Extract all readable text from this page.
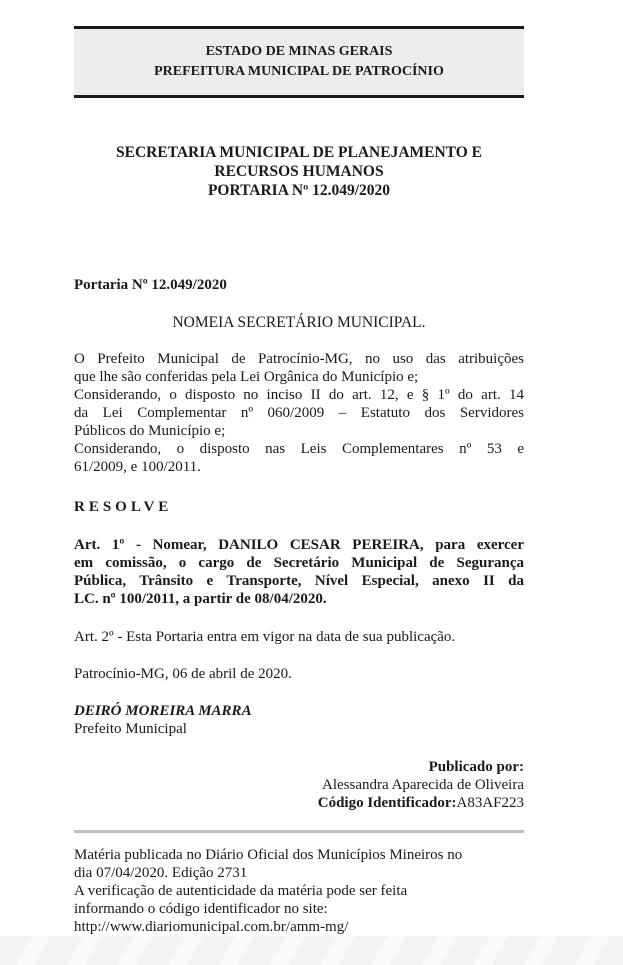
ESTADO DE MINAS GERAIS
PREFEITURA MUNICIPAL DE PATROCÍNIO
SECRETARIA MUNICIPAL DE PLANEJAMENTO E
RECURSOS HUMANOS
PORTARIA Nº 12.049/2020
Portaria Nº 12.049/2020
NOMEIA SECRETÁRIO MUNICIPAL.
O Prefeito Municipal de Patrocínio-MG, no uso das atribuições
que lhe são conferidas pela Lei Orgânica do Município e;
Considerando, o disposto no inciso II do art. 12, e § 1º do art. 14
da Lei Complementar nº 060/2009 – Estatuto dos Servidores
Públicos do Município e;
Considerando, o disposto nas Leis Complementares nº 53 e
61/2009, e 100/2011.
RESOLVE
Art. 1º - Nomear, DANILO CESAR PEREIRA, para exercer
em comissão, o cargo de Secretário Municipal de Segurança
Pública, Trânsito e Transporte, Nível Especial, anexo II da
LC. nº 100/2011, a partir de 08/04/2020.
Art. 2º - Esta Portaria entra em vigor na data de sua publicação.
Patrocínio-MG, 06 de abril de 2020.
DEIRÓ MOREIRA MARRA
Prefeito Municipal
Publicado por:
Alessandra Aparecida de Oliveira
Código Identificador:A83AF223
Matéria publicada no Diário Oficial dos Municípios Mineiros no
dia 07/04/2020. Edição 2731
A verificação de autenticidade da matéria pode ser feita
informando o código identificador no site:
http://www.diariomunicipal.com.br/amm-mg/
